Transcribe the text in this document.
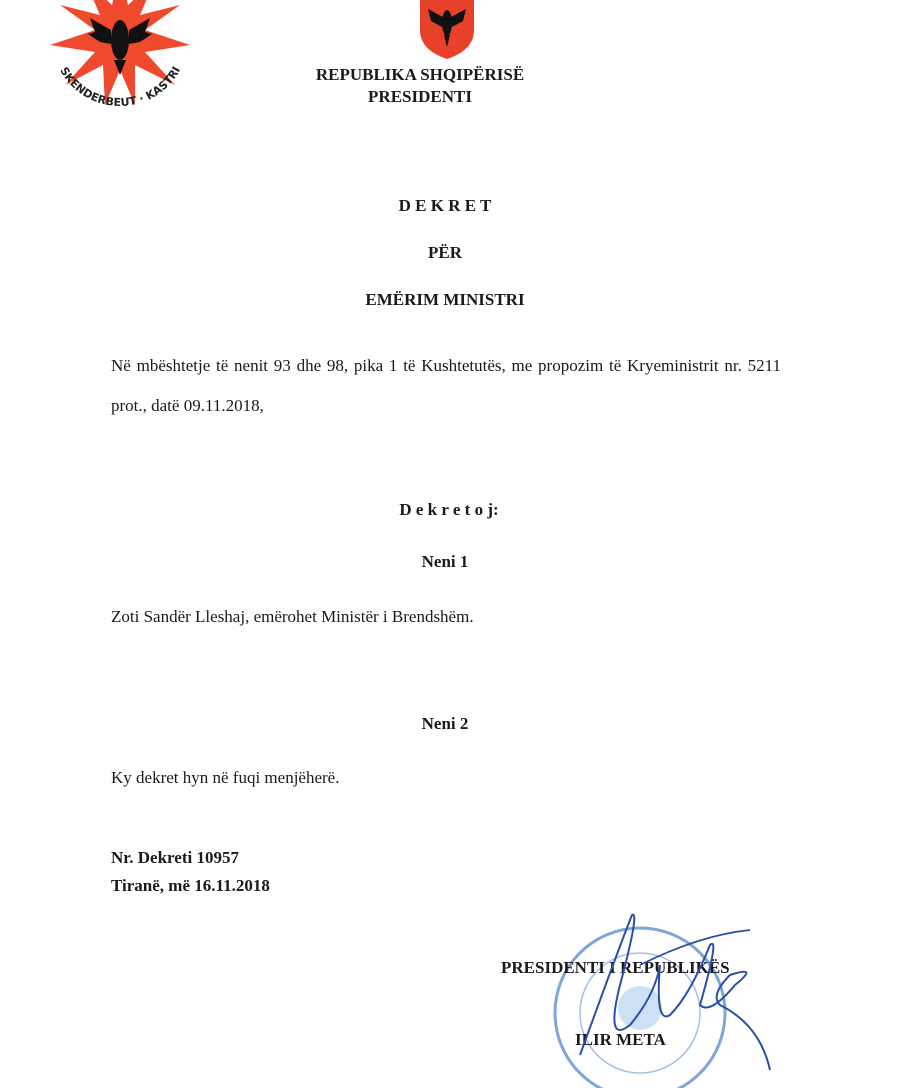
SKENDERBEUT · KASTRI	REPUBLIKA SHQIPËRISË
PRESIDENTI
D E K R E T
PËR
EMËRIM MINISTRI
Në mbështetje të nenit 93 dhe 98, pika 1 të Kushtetutës, me propozim të Kryeministrit nr. 5211 prot., datë 09.11.2018,
D e k r e t o j:
Neni 1
Zoti Sandër Lleshaj, emërohet Ministër i Brendshëm.
Neni 2
Ky dekret hyn në fuqi menjëherë.
Nr. Dekreti 10957
Tiranë, më 16.11.2018
PRESIDENTI I REPUBLIKËS
ILIR META
